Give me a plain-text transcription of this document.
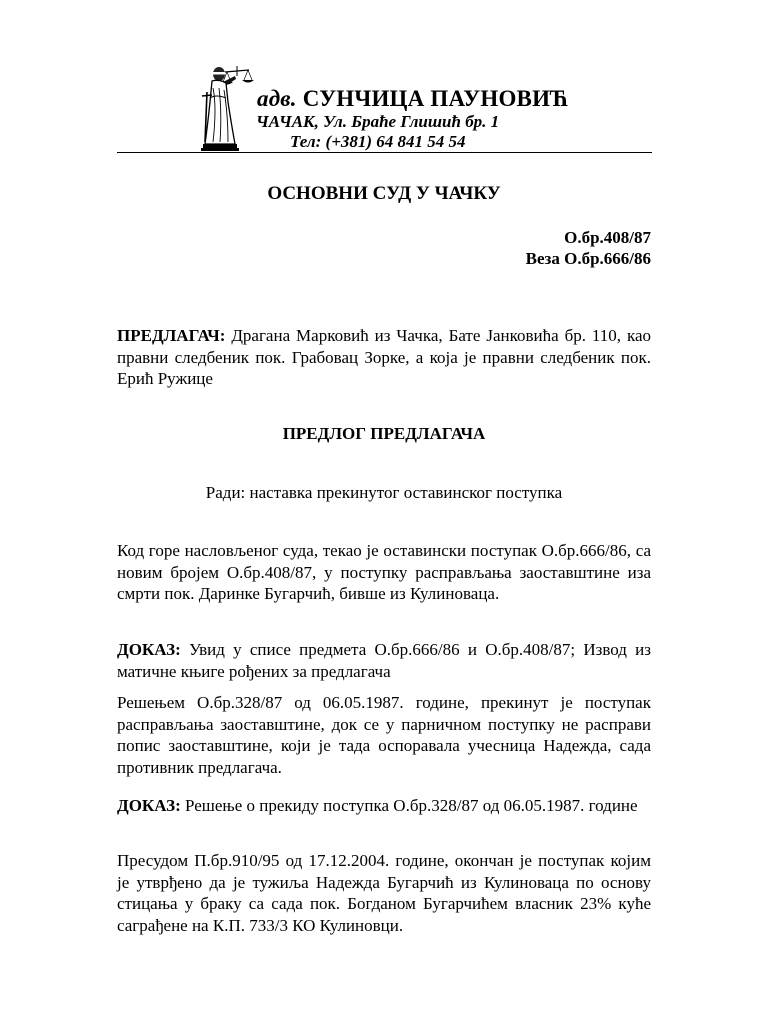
адв. СУНЧИЦА ПАУНОВИЋ
ЧАЧАК, Ул. Браће Глишић бр. 1
Тел: (+381) 64 841 54 54
ОСНОВНИ СУД У ЧАЧКУ
О.бр.408/87
Веза О.бр.666/86
ПРЕДЛАГАЧ: Драгана Марковић из Чачка, Бате Јанковића бр. 110, као правни следбеник пок. Грабовац Зорке, а која је правни следбеник пок. Ерић Ружице
ПРЕДЛОГ ПРЕДЛАГАЧА
Ради: наставка прекинутог оставинског поступка
Код горе насловљеног суда, текао је оставински поступак О.бр.666/86, са новим бројем О.бр.408/87, у поступку расправљања заоставштине иза смрти пок. Даринке Бугарчић, бивше из Кулиновацa.
ДОКАЗ: Увид у списе предмета О.бр.666/86 и О.бр.408/87; Извод из матичне књиге рођених за предлагача
Решењем О.бр.328/87 од 06.05.1987. године, прекинут је поступак расправљања заоставштине, док се у парничном поступку не расправи попис заоставштине, који је тада оспоравала учесница Надежда, сада противник предлагача.
ДОКАЗ: Решење о прекиду поступка О.бр.328/87 од 06.05.1987. године
Пресудом П.бр.910/95 од 17.12.2004. године, окончан је поступак којим је утврђено да је тужиља Надежда Бугарчић из Кулиновацa по основу стицања у браку са сада пок. Богданом Бугарчићем власник 23% куће саграђене на К.П. 733/3 КО Кулиновци.
